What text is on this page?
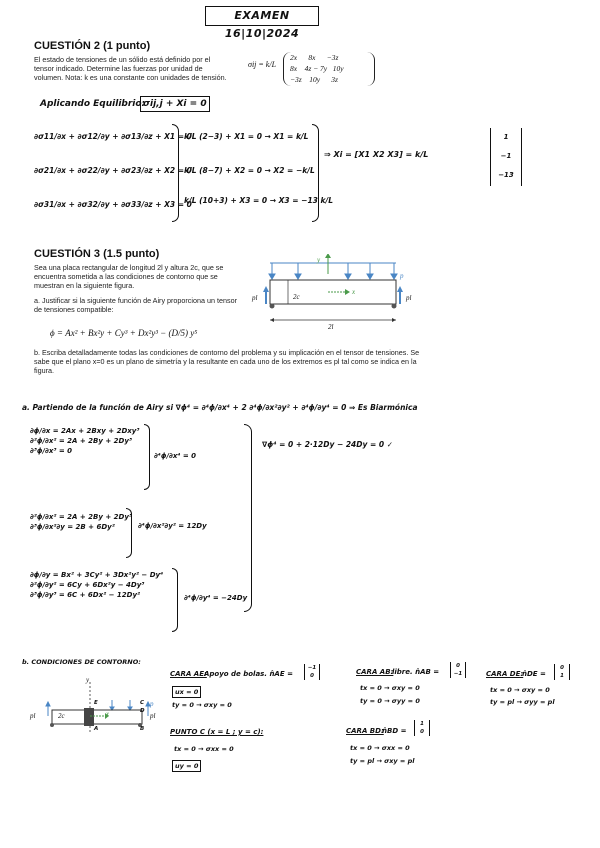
EXAMEN 16|10|2024
CUESTIÓN 2 (1 punto)
El estado de tensiones de un sólido está definido por el tensor indicado. Determine las fuerzas por unidad de volumen. Nota: k es una constante con unidades de tensión.
σij = k/L
2x      8x      −3z
8x    4z − 7y   10y
−3z    10y      3z
Aplicando Equilibrio:
σij,j + Xi = 0
∂σ11/∂x + ∂σ12/∂y + ∂σ13/∂z + X1 = 0
∂σ21/∂x + ∂σ22/∂y + ∂σ23/∂z + X2 = 0
∂σ31/∂x + ∂σ32/∂y + ∂σ33/∂z + X3 = 0
k/L (2−3) + X1 = 0 → X1 = k/L
k/L (8−7) + X2 = 0 → X2 = −k/L
k/L (10+3) + X3 = 0 → X3 = −13 k/L
⇒ Xi = [X1 X2 X3] = k/L
1
−1
−13
CUESTIÓN 3 (1.5 punto)
Sea una placa rectangular de longitud 2l y altura 2c, que se encuentra sometida a las condiciones de contorno que se muestran en la siguiente figura.
a. Justificar si la siguiente función de Airy proporciona un tensor de tensiones compatible:
ϕ = Ax² + Bx²y + Cy³ + Dx²y³ − (D/5) y⁵
b. Escriba detalladamente todas las condiciones de contorno del problema y su implicación en el tensor de tensiones. Se sabe que el plano x=0 es un plano de simetría y la resultante en cada uno de los extremos es pl tal como se indica en la figura.
y
x
p
pl	pl
2c
2l
a. Partiendo de la función de Airy si ∇ϕ⁴ = ∂⁴ϕ/∂x⁴ + 2 ∂⁴ϕ/∂x²∂y² + ∂⁴ϕ/∂y⁴ = 0 ⇒ Es Biarmónica
∂ϕ/∂x = 2Ax + 2Bxy + 2Dxy³
∂²ϕ/∂x² = 2A + 2By + 2Dy³
∂³ϕ/∂x³ = 0
∂⁴ϕ/∂x⁴ = 0
∂²ϕ/∂x² = 2A + 2By + 2Dy³
∂³ϕ/∂x²∂y = 2B + 6Dy²	∂⁴ϕ/∂x²∂y² = 12Dy
∂ϕ/∂y = Bx² + 3Cy² + 3Dx²y² − Dy⁴
∂²ϕ/∂y² = 6Cy + 6Dx²y − 4Dy³
∂³ϕ/∂y³ = 6C + 6Dx² − 12Dy²	∂⁴ϕ/∂y⁴ = −24Dy
∇ϕ⁴ = 0 + 2·12Dy − 24Dy = 0 ✓
b. CONDICIONES DE CONTORNO:
y
x
p
pl	pl
2c
E
A
C
D
B
CARA AE:
Apoyo de bolas. n̂AE =
−1
0
ux = 0
ty = 0 → σxy = 0
CARA AB:
libre. n̂AB =
0
−1
tx = 0 → σxy = 0
ty = 0 → σyy = 0
CARA DE:
n̂DE =
0
1
tx = 0 → σxy = 0
ty = pl → σyy = pl
PUNTO C (x = L ; y = c):
tx = 0 → σxx = 0
uy = 0
CARA BD:
n̂BD =
1
0
tx = 0 → σxx = 0
ty = pl → σxy = pl
